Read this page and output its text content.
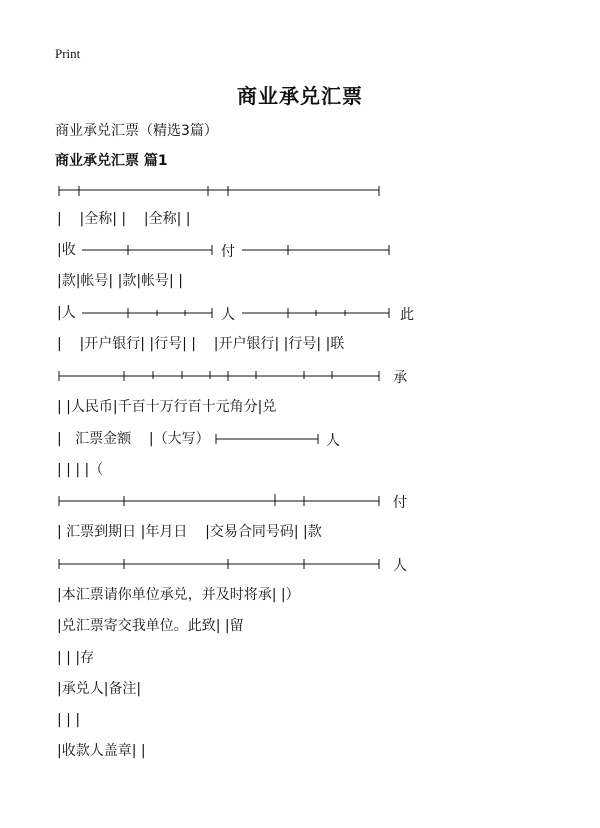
Print
商业承兑汇票
商业承兑汇票（精选3篇）
商业承兑汇票 篇1
|    |全称| |    |全称| |
|收
|款|帐号| |款|帐号| |
|人
|    |开户银行| |行号| |    |开户银行| |行号| |联
| |人民币|千百十万行百十元角分|兑
|   汇票金额    |（大写）
| | | |（
| 汇票到期日 |年月日    |交易合同号码| |款
|本汇票请你单位承兑，并及时将承| |）
|兑汇票寄交我单位。此致| |留
| | |存
|承兑人|备注|
| | |
|收款人盖章| |
付
人	此
承
人
付
人
